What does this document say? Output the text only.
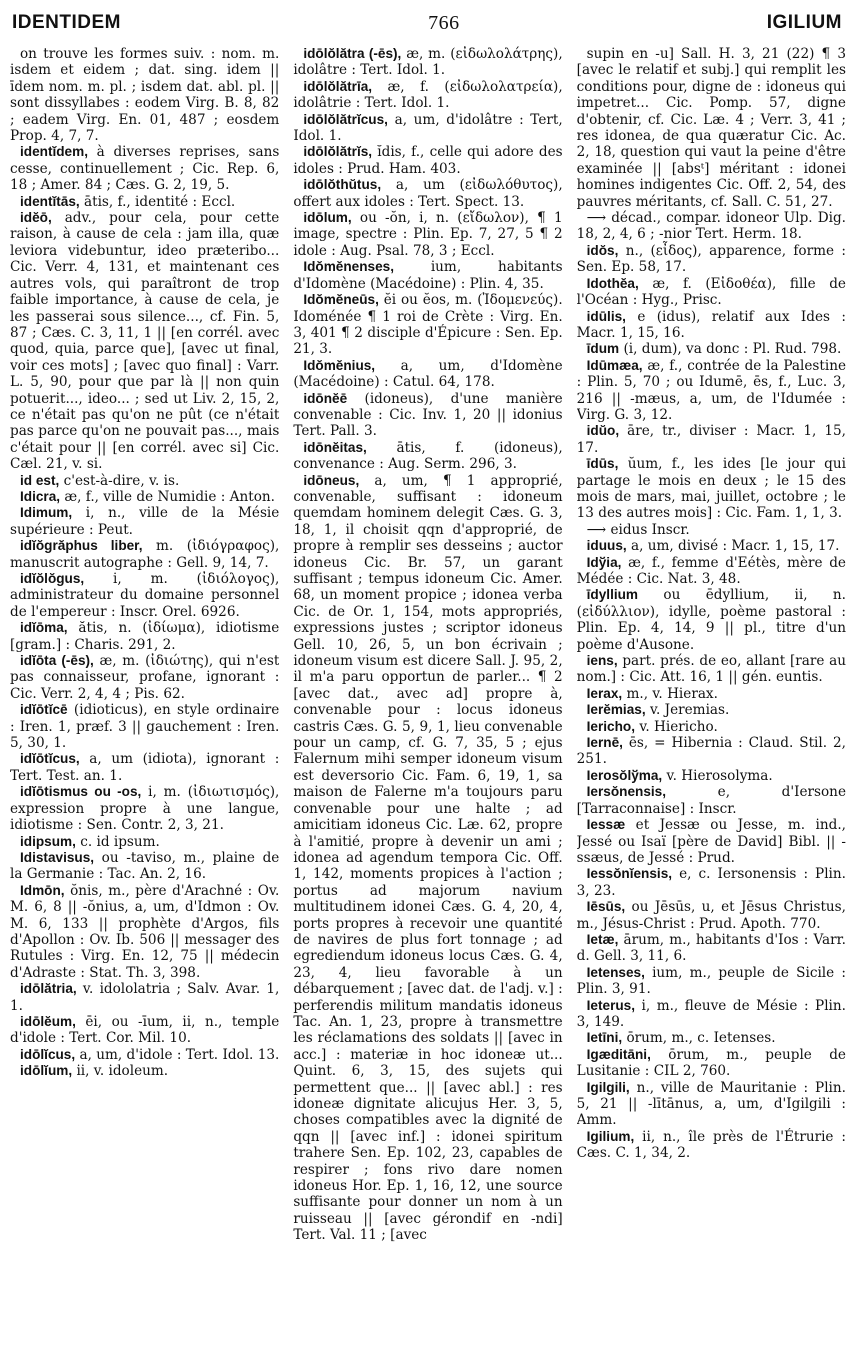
IDENTIDEM	766	IGILIUM

on trouve les formes suiv. : nom. m. isdem et eidem ; dat. sing. idem || īdem nom. m. pl. ; isdem dat. abl. pl. || sont dissyllabes : eodem Virg. B. 8, 82 ; eadem Virg. En. 01, 487 ; eosdem Prop. 4, 7, 7.

identĭdem, à diverses reprises, sans cesse, continuellement ; Cic. Rep. 6, 18 ; Amer. 84 ; Cæs. G. 2, 19, 5.

identĭtās, ātis, f., identité : Eccl.

idĕō, adv., pour cela, pour cette raison, à cause de cela : jam illa, quæ leviora videbuntur, ideo præteribo... Cic. Verr. 4, 131, et maintenant ces autres vols, qui paraîtront de trop faible importance, à cause de cela, je les passerai sous silence..., cf. Fin. 5, 87 ; Cæs. C. 3, 11, 1 || [en corrél. avec quod, quia, parce que], [avec ut final, voir ces mots] ; [avec quo final] : Varr. L. 5, 90, pour que par là || non quin potuerit..., ideo... ; sed ut Liv. 2, 15, 2, ce n'était pas qu'on ne pût (ce n'était pas parce qu'on ne pouvait pas..., mais c'était pour || [en corrél. avec si] Cic. Cæl. 21, v. si.

id est, c'est-à-dire, v. is.

Idicra, æ, f., ville de Numidie : Anton.

Idimum, i, n., ville de la Mésie supérieure : Peut.

idĭŏgrăphus liber, m. (ἰδιόγραφος), manuscrit autographe : Gell. 9, 14, 7.

idĭŏlŏgus, i, m. (ἰδιόλογος), administrateur du domaine personnel de l'empereur : Inscr. Orel. 6926.

idĭōma, ătis, n. (ἰδίωμα), idiotisme [gram.] : Charis. 291, 2.

idĭōta (-ēs), æ, m. (ἰδιώτης), qui n'est pas connaisseur, profane, ignorant : Cic. Verr. 2, 4, 4 ; Pis. 62.

idĭōtĭcē (idioticus), en style ordinaire : Iren. 1, præf. 3 || gauchement : Iren. 5, 30, 1.

idĭōtĭcus, a, um (idiota), ignorant : Tert. Test. an. 1.

idĭōtismus ou -os, i, m. (ἰδιωτισμός), expression propre à une langue, idiotisme : Sen. Contr. 2, 3, 21.

idipsum, c. id ipsum.

Idistavisus, ou -taviso, m., plaine de la Germanie : Tac. An. 2, 16.

Idmōn, ŏnis, m., père d'Arachné : Ov. M. 6, 8 || -ŏnius, a, um, d'Idmon : Ov. M. 6, 133 || prophète d'Argos, fils d'Apollon : Ov. Ib. 506 || messager des Rutules : Virg. En. 12, 75 || médecin d'Adraste : Stat. Th. 3, 398.

idōlătria, v. idololatria ; Salv. Avar. 1, 1.

idōlĕum, ēi, ou -īum, ii, n., temple d'idole : Tert. Cor. Mil. 10.

idōlĭcus, a, um, d'idole : Tert. Idol. 13.

idōlĭum, ii, v. idoleum.

idōlŏlătra (-ēs), æ, m. (εἰδωλολάτρης), idolâtre : Tert. Idol. 1.

idōlŏlătrīa, æ, f. (εἰδωλολατρεία), idolâtrie : Tert. Idol. 1.

idōlŏlătrĭcus, a, um, d'idolâtre : Tert, Idol. 1.

idōlŏlătrĭs, ĭdis, f., celle qui adore des idoles : Prud. Ham. 403.

idōlŏthŭtus, a, um (εἰδωλόθυτος), offert aux idoles : Tert. Spect. 13.

idōlum, ou -ŏn, i, n. (εἴδωλον), ¶ 1 image, spectre : Plin. Ep. 7, 27, 5 ¶ 2 idole : Aug. Psal. 78, 3 ; Eccl.

Idŏmĕnenses,	ium, habitants d'Idomène (Macédoine) : Plin. 4, 35.

Idŏmĕneūs, ĕi ou ĕos, m. (Ἰδομενεύς). Idoménée ¶ 1 roi de Crète : Virg. En. 3, 401 ¶ 2 disciple d'Épicure : Sen. Ep. 21, 3.

Idŏmĕnius, a, um, d'Idomène (Macédoine) : Catul. 64, 178.

idōnĕē (idoneus), d'une manière convenable : Cic. Inv. 1, 20 || idonius Tert. Pall. 3.

idōnĕitas, ātis, f. (idoneus), convenance : Aug. Serm. 296, 3.

idōneus, a, um, ¶ 1 approprié, convenable, suffisant : idoneum quemdam hominem delegit Cæs. G. 3, 18, 1, il choisit qqn d'approprié, de propre à remplir ses desseins ; auctor idoneus Cic. Br. 57, un garant suffisant ; tempus idoneum Cic. Amer. 68, un moment propice ; idonea verba Cic. de Or. 1, 154, mots appropriés, expressions justes ; scriptor idoneus Gell. 10, 26, 5, un bon écrivain ; idoneum visum est dicere Sall. J. 95, 2, il m'a paru opportun de parler... ¶ 2 [avec dat., avec ad] propre à, convenable pour : locus idoneus castris Cæs. G. 5, 9, 1, lieu convenable pour un camp, cf. G. 7, 35, 5 ; ejus Falernum mihi semper idoneum visum est deversorio Cic. Fam. 6, 19, 1, sa maison de Falerne m'a toujours paru convenable pour une halte ; ad amicitiam idoneus Cic. Læ. 62, propre à l'amitié, propre à devenir un ami ; idonea ad agendum tempora Cic. Off. 1, 142, moments propices à l'action ; portus ad majorum navium multitudinem idonei Cæs. G. 4, 20, 4, ports propres à recevoir une quantité de navires de plus fort tonnage ; ad egrediendum idoneus locus Cæs. G. 4, 23, 4, lieu favorable à un débarquement ; [avec dat. de l'adj. v.] : perferendis militum mandatis idoneus Tac. An. 1, 23, propre à transmettre les réclamations des soldats || [avec in acc.] : materiæ in hoc idoneæ ut... Quint. 6, 3, 15, des sujets qui permettent que... || [avec abl.] : res idoneæ dignitate alicujus Her. 3, 5, choses compatibles avec la dignité de qqn || [avec inf.] : idonei spiritum trahere Sen. Ep. 102, 23, capables de respirer ; fons rivo dare nomen idoneus Hor. Ep. 1, 16, 12, une source suffisante pour donner un nom à un ruisseau || [avec gérondif en -ndi] Tert. Val. 11 ; [avec

supin en -u] Sall. H. 3, 21 (22) ¶ 3 [avec le relatif et subj.] qui remplit les conditions pour, digne de : idoneus qui impetret... Cic. Pomp. 57, digne d'obtenir, cf. Cic. Læ. 4 ; Verr. 3, 41 ; res idonea, de qua quæratur Cic. Ac. 2, 18, question qui vaut la peine d'être examinée || [absᵗ] méritant : idonei homines indigentes Cic. Off. 2, 54, des pauvres méritants, cf. Sall. C. 51, 27.

⟶ décad., compar. idoneor Ulp. Dig. 18, 2, 4, 6 ; -nior Tert. Herm. 18.

idŏs, n., (εἶδος), apparence, forme : Sen. Ep. 58, 17.

Idothĕa, æ, f. (Εἰδοθέα), fille de l'Océan : Hyg., Prisc.

idūlis, e (idus), relatif aux Ides : Macr. 1, 15, 16.

īdum (i, dum), va donc : Pl. Rud. 798.

Idūmæa, æ, f., contrée de la Palestine : Plin. 5, 70 ; ou Idumē, ēs, f., Luc. 3, 216 || -mæus, a, um, de l'Idumée : Virg. G. 3, 12.

idŭo, āre, tr., diviser : Macr. 1, 15, 17.

īdūs, ŭum, f., les ides [le jour qui partage le mois en deux ; le 15 des mois de mars, mai, juillet, octobre ; le 13 des autres mois] : Cic. Fam. 1, 1, 3.

⟶ eidus Inscr.

iduus, a, um, divisé : Macr. 1, 15, 17.

Idўia, æ, f., femme d'Eétès, mère de Médée : Cic. Nat. 3, 48.

īdyllium ou ēdyllium, ii, n. (εἰδύλλιον), idylle, poème pastoral : Plin. Ep. 4, 14, 9 || pl., titre d'un poème d'Ausone.

iens, part. prés. de eo, allant [rare au nom.] : Cic. Att. 16, 1 || gén. euntis.

Ierax, m., v. Hierax.

Ierĕmias, v. Jeremias.

Iericho, v. Hiericho.

Iernē, ēs, = Hibernia : Claud. Stil. 2, 251.

Ierosŏlўma, v. Hierosolyma.

Iersŏnensis,	e, d'Iersone [Tarraconnaise] : Inscr.

Iessæ et Jessæ ou Jesse, m. ind., Jessé ou Isaï [père de David] Bibl. || -ssæus, de Jessé : Prud.

Iessŏnĭensis, e, c. Iersonensis : Plin. 3, 23.

Iēsūs, ou Jēsūs, u, et Jēsus Christus, m., Jésus-Christ : Prud. Apoth. 770.

Ietæ, ārum, m., habitants d'Ios : Varr. d. Gell. 3, 11, 6.

Ietenses, ium, m., peuple de Sicile : Plin. 3, 91.

Ieterus, i, m., fleuve de Mésie : Plin. 3, 149.

Ietīni, ōrum, m., c. Ietenses.

Igæditāni, ōrum, m., peuple de Lusitanie : CIL 2, 760.

Igilgili, n., ville de Mauritanie : Plin. 5, 21 || -lītānus, a, um, d'Igilgili : Amm.

Igilium, ii, n., île près de l'Étrurie : Cæs. C. 1, 34, 2.
